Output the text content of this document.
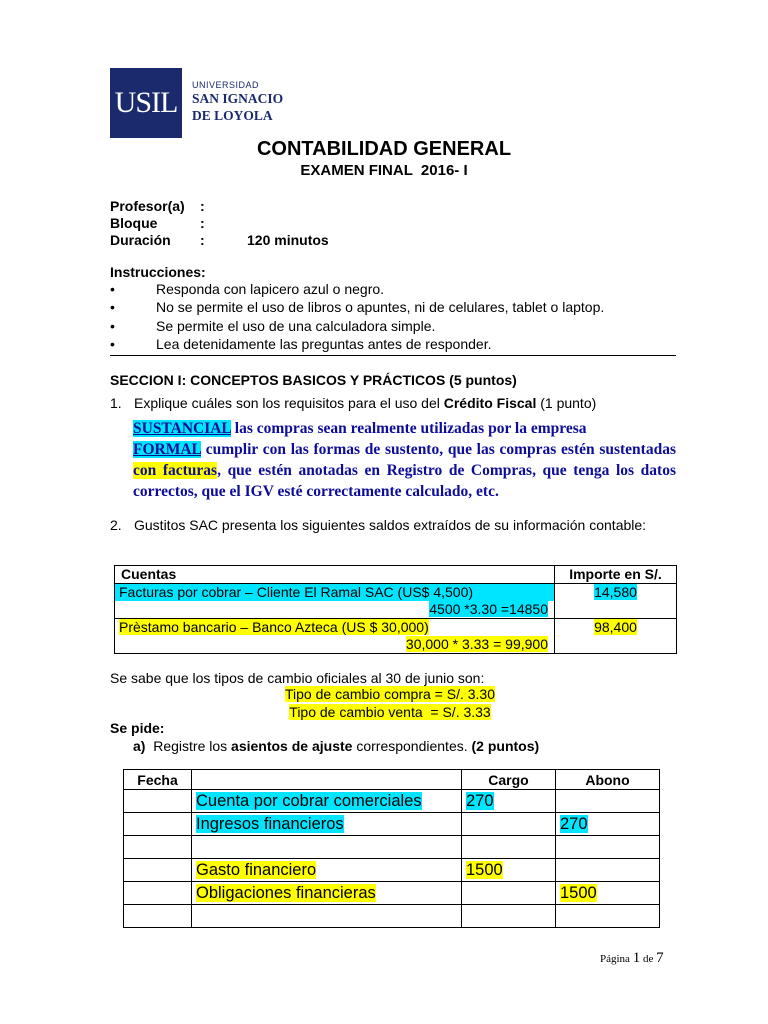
USIL
UNIVERSIDAD
SAN IGNACIO
DE LOYOLA
CONTABILIDAD GENERAL
EXAMEN FINAL  2016- I
Profesor(a) :
Bloque	:
Duración :	120 minutos
Instrucciones:
•	Responda con lapicero azul o negro.
•	No se permite el uso de libros o apuntes, ni de celulares, tablet o laptop.
•	Se permite el uso de una calculadora simple.
•	Lea detenidamente las preguntas antes de responder.
SECCION I: CONCEPTOS BASICOS Y PRÁCTICOS (5 puntos)
1. Explique cuáles son los requisitos para el uso del Crédito Fiscal (1 punto)
SUSTANCIAL las compras sean realmente utilizadas por la empresa
FORMAL cumplir con las formas de sustento, que las compras estén sustentadas con facturas, que estén anotadas en Registro de Compras, que tenga los datos correctos, que el IGV esté correctamente calculado, etc.
2. Gustitos SAC presenta los siguientes saldos extraídos de su información contable:
Cuentas	Importe en S/.

Facturas por cobrar – Cliente El Ramal SAC (US$ 4,500)
4500 *3.30 =14850	14,580

Prèstamo bancario – Banco Azteca (US $ 30,000)
30,000 * 3.33 = 99,900	98,400
Se sabe que los tipos de cambio oficiales al 30 de junio son:
Tipo de cambio compra = S/. 3.30
Tipo de cambio venta  = S/. 3.33
Se pide:
a) Registre los asientos de ajuste correspondientes. (2 puntos)
Fecha		Cargo	Abono
	Cuenta por cobrar comerciales	270	
	Ingresos financieros		270

	Gasto financiero	1500	
	Obligaciones financieras		1500

Página 1 de 7
